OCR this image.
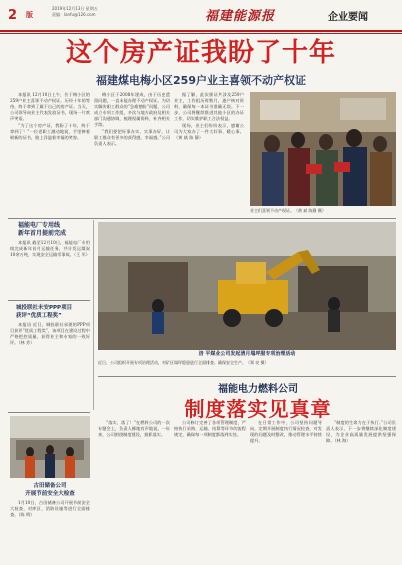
2	版
2019年12月13日 星期五
责编：lanfu@126.com	福建能源报	企业要闻
这个房产证我盼了十年
福建煤电梅小区259户业主喜领不动产权证

本报讯 12月10日上午，位于梅小区的259户业主喜领不动产权证，历经十年的等待，终于拿到了属于自己的房产证。当天，公司领导向业主代表发放证书，现场一片欢声笑语。

“为了这个房产证，我盼了十年，终于拿到了！”一位老职工激动地说，手里捧着崭新的证书，脸上洋溢着幸福的笑容。

梅小区于2008年建成，由于历史遗留问题，一直未能办理不动产权证。为切实解决职工群众的“急难愁盼”问题，公司成立专项工作组，多次与地方政府及相关部门沟通协调，梳理权属资料，补齐相关手续。

“我们要把好事办实、实事办好，让职工群众有更多的获得感、幸福感。”公司负责人表示。

据了解，此次颁证共涉及259户业主，工作组历时数月，逐户核对资料，确保每一本证书准确无误。下一步，公司将继续推进其他小区的办证工作，切实维护职工合法权益。

现场，业主们纷纷表示，感谢公司为大家办了一件大好事、暖心事。（黄 斌 陈 静）

业主们喜领不动产权证。（黄 斌 陈静 摄）
福能电厂专用线
新年首月提前完成

本报讯 截至12月10日，福能电厂专用线完成新年首月运输任务，共计发运煤炭10余万吨，实现安全运输零事故。（王 军）

城投联社未安PPP项目
获评“优质工程奖”

本报讯 近日，城投联社承建的PPP项目获评“优质工程奖”，该项目在建设过程中严格把控质量，获得业主和专家的一致好评。（林 芳）

涪 平煤业公司发起清月塌坪服专项治理活动
近日，公司组织开展专项治理活动，对矿区塌坪隐患进行全面排查，确保安全生产。（郑 亮 摄）
福能电力燃料公司
制度落实见真章

“落实、落了！”在燃料公司的一次专题会上，负责人掷地有声地说。一年来，公司围绕制度建设，狠抓落实。

公司修订完善了各项管理制度，严格执行采购、运输、结算等环节的流程规定，确保每一项制度都落到实处。

在日常工作中，公司坚持问题导向，定期开展制度执行情况检查，对发现的问题及时整改，推动管理水平持续提升。

“制度的生命力在于执行。”公司负责人表示，下一步将继续深化制度建设，为企业高质量发展提供坚强保障。（林 海）

古田储备公司
开展节前安全大检查

1月10日，古田储备公司开展节前安全大检查，对库区、消防设施等进行全面排查。（陈 明）
